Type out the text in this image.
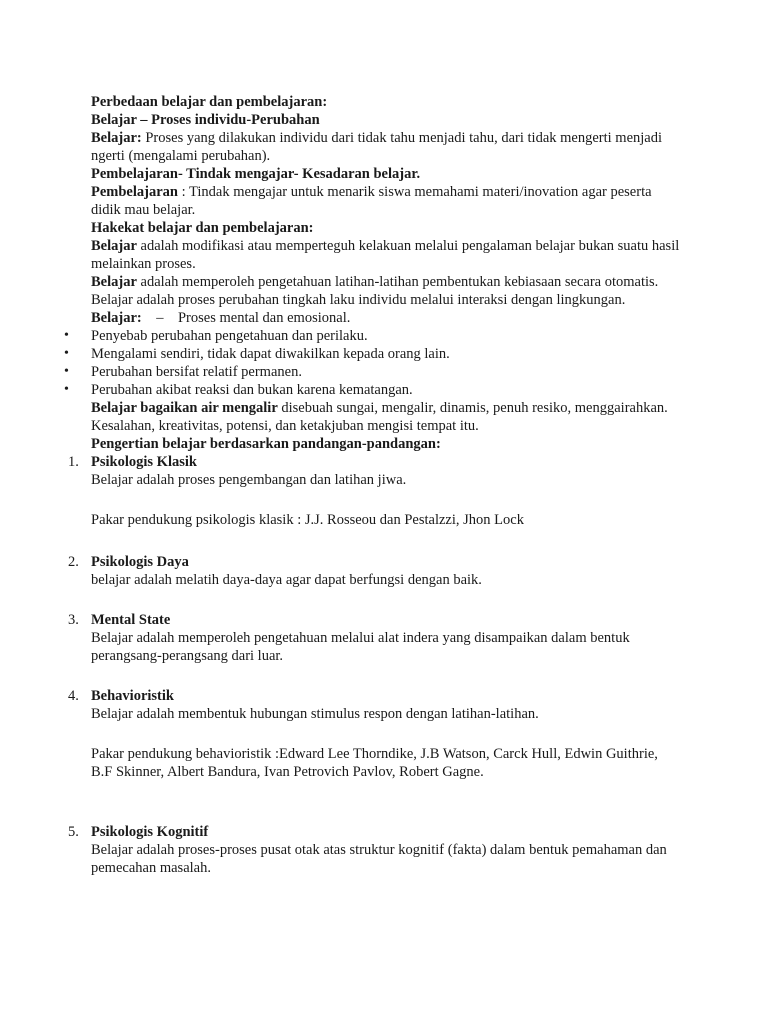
Perbedaan belajar dan pembelajaran:

Belajar – Proses individu-Perubahan

Belajar: Proses yang dilakukan individu dari tidak tahu menjadi tahu, dari tidak mengerti menjadi ngerti (mengalami perubahan).

Pembelajaran- Tindak mengajar- Kesadaran belajar.

Pembelajaran : Tindak mengajar untuk menarik siswa memahami materi/inovation agar peserta didik mau belajar.

Hakekat belajar dan pembelajaran:

Belajar adalah modifikasi atau memperteguh kelakuan melalui pengalaman belajar bukan suatu hasil melainkan proses.

Belajar adalah memperoleh pengetahuan latihan-latihan pembentukan kebiasaan secara otomatis. Belajar adalah proses perubahan tingkah laku individu melalui interaksi dengan lingkungan.

Belajar:    –    Proses mental dan emosional.

• Penyebab perubahan pengetahuan dan perilaku.
• Mengalami sendiri, tidak dapat diwakilkan kepada orang lain.
• Perubahan bersifat relatif permanen.
• Perubahan akibat reaksi dan bukan karena kematangan.

Belajar bagaikan air mengalir disebuah sungai, mengalir, dinamis, penuh resiko, menggairahkan. Kesalahan, kreativitas, potensi, dan ketakjuban mengisi tempat itu.

Pengertian belajar berdasarkan pandangan-pandangan:

1. Psikologis Klasik

Belajar adalah proses pengembangan dan latihan jiwa.

Pakar pendukung psikologis klasik : J.J. Rosseou dan Pestalzzi, Jhon Lock

2. Psikologis Daya

belajar adalah melatih daya-daya agar dapat berfungsi dengan baik.

3. Mental State

Belajar adalah memperoleh pengetahuan melalui alat indera yang disampaikan dalam bentuk perangsang-perangsang dari luar.

4. Behavioristik

Belajar adalah membentuk hubungan stimulus respon dengan latihan-latihan.

Pakar pendukung behavioristik :Edward Lee Thorndike, J.B Watson, Carck Hull, Edwin Guithrie, B.F Skinner, Albert Bandura, Ivan Petrovich Pavlov, Robert Gagne.

5. Psikologis Kognitif

Belajar adalah proses-proses pusat otak atas struktur kognitif (fakta) dalam bentuk pemahaman dan pemecahan masalah.
